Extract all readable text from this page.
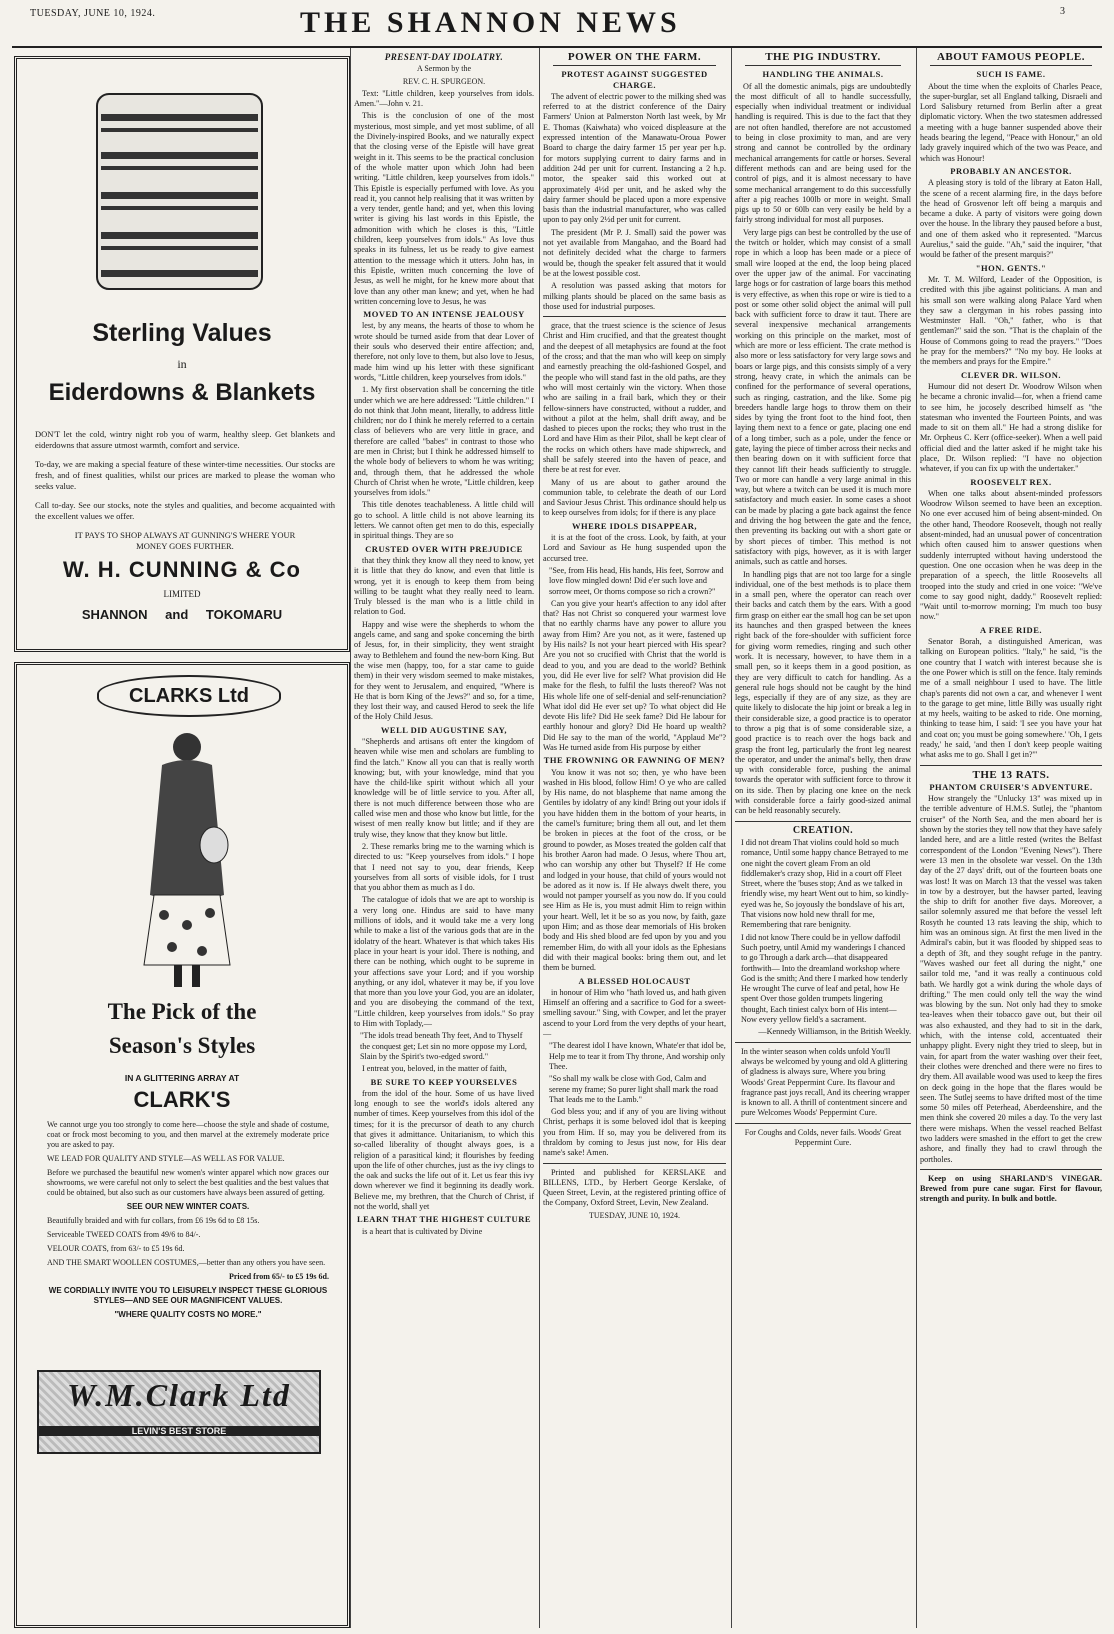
TUESDAY, JUNE 10, 1924.	THE SHANNON NEWS	3
Sterling Values
in
Eiderdowns & Blankets

DON'T let the cold, wintry night rob you of warm, healthy sleep. Get blankets and eiderdowns that assure utmost warmth, comfort and service.

To-day, we are making a special feature of these winter-time necessities. Our stocks are fresh, and of finest qualities, whilst our prices are marked to please the woman who seeks value.

Call to-day. See our stocks, note the styles and qualities, and become acquainted with the excellent values we offer.

IT PAYS TO SHOP ALWAYS AT GUNNING'S WHERE YOUR

MONEY GOES FURTHER.

W. H. CUNNING & Co
LIMITED
SHANNON and TOKOMARU
CLARKS Ltd
The Pick of the
Season's Styles
IN A GLITTERING ARRAY AT
CLARK'S

We cannot urge you too strongly to come here—choose the style and shade of costume, coat or frock most becoming to you, and then marvel at the extremely moderate price you are asked to pay.

WE LEAD FOR QUALITY AND STYLE—AS WELL AS FOR VALUE.

Before we purchased the beautiful new women's winter apparel which now graces our showrooms, we were careful not only to select the best qualities and the best values that could be obtained, but also such as our customers have always been assured of getting.

SEE OUR NEW WINTER COATS.

Beautifully braided and with fur collars, from £6 19s 6d to £8 15s.

Serviceable TWEED COATS from 49/6 to 84/-.

VELOUR COATS, from 63/- to £5 19s 6d.

AND THE SMART WOOLLEN COSTUMES,—better than any others you have seen.

Priced from 65/- to £5 19s 6d.

WE CORDIALLY INVITE YOU TO LEISURELY INSPECT THESE GLORIOUS STYLES—AND SEE OUR MAGNIFICENT VALUES.

"WHERE QUALITY COSTS NO MORE."

W.M.Clark Ltd
LEVIN'S BEST STORE
PRESENT-DAY IDOLATRY.

A Sermon by the

REV. C. H. SPURGEON.

Text: "Little children, keep yourselves from idols. Amen."—John v. 21.

This is the conclusion of one of the most mysterious, most simple, and yet most sublime, of all the Divinely-inspired Books, and we naturally expect that the closing verse of the Epistle will have great weight in it. This seems to be the practical conclusion of the whole matter upon which John had been writing. "Little children, keep yourselves from idols." This Epistle is especially perfumed with love. As you read it, you cannot help realising that it was written by a very tender, gentle hand; and yet, when this loving writer is giving his last words in this Epistle, the admonition with which he closes is this, "Little children, keep yourselves from idols." As love thus speaks in its fulness, let us be ready to give earnest attention to the message which it utters. John has, in this Epistle, written much concerning the love of Jesus, as well he might, for he knew more about that love than any other man knew; and yet, when he had written concerning love to Jesus, he was

MOVED TO AN INTENSE JEALOUSY

lest, by any means, the hearts of those to whom he wrote should be turned aside from that dear Lover of their souls who deserved their entire affection; and, therefore, not only love to them, but also love to Jesus, made him wind up his letter with these significant words, "Little children, keep yourselves from idols."

1. My first observation shall be concerning the title under which we are here addressed: "Little children." I do not think that John meant, literally, to address little children; nor do I think he merely referred to a certain class of believers who are very little in grace, and therefore are called "babes" in contrast to those who are men in Christ; but I think he addressed himself to the whole body of believers to whom he was writing; and, through them, that he addressed the whole Church of Christ when he wrote, "Little children, keep yourselves from idols."

This title denotes teachableness. A little child will go to school. A little child is not above learning its letters. We cannot often get men to do this, especially in spiritual things. They are so

CRUSTED OVER WITH PREJUDICE

that they think they know all they need to know, yet it is little that they do know, and even that little is wrong, yet it is enough to keep them from being willing to be taught what they really need to learn. Truly blessed is the man who is a little child in relation to God.

Happy and wise were the shepherds to whom the angels came, and sang and spoke concerning the birth of Jesus, for, in their simplicity, they went straight away to Bethlehem and found the new-born King. But the wise men (happy, too, for a star came to guide them) in their very wisdom seemed to make mistakes, for they went to Jerusalem, and enquired, "Where is He that is born King of the Jews?" and so, for a time, they lost their way, and caused Herod to seek the life of the Holy Child Jesus.

WELL DID AUGUSTINE SAY,

"Shepherds and artisans oft enter the kingdom of heaven while wise men and scholars are fumbling to find the latch." Know all you can that is really worth knowing; but, with your knowledge, mind that you have the child-like spirit without which all your knowledge will be of little service to you. After all, there is not much difference between those who are called wise men and those who know but little, for the wisest of men really know but little; and if they are truly wise, they know that they know but little.

2. These remarks bring me to the warning which is directed to us: "Keep yourselves from idols." I hope that I need not say to you, dear friends, Keep yourselves from all sorts of visible idols, for I trust that you abhor them as much as I do.

The catalogue of idols that we are apt to worship is a very long one. Hindus are said to have many millions of idols, and it would take me a very long while to make a list of the various gods that are in the idolatry of the heart. Whatever is that which takes His place in your heart is your idol. There is nothing, and there can be nothing, which ought to be supreme in your affections save your Lord; and if you worship anything, or any idol, whatever it may be, if you love that more than you love your God, you are an idolater, and you are disobeying the command of the text, "Little children, keep yourselves from idols." So pray to Him with Toplady,—

"The idols tread beneath Thy feet, And to Thyself the conquest get; Let sin no more oppose my Lord, Slain by the Spirit's two-edged sword."

I entreat you, beloved, in the matter of faith,

BE SURE TO KEEP YOURSELVES

from the idol of the hour. Some of us have lived long enough to see the world's idols altered any number of times. Keep yourselves from this idol of the times; for it is the precursor of death to any church that gives it admittance. Unitarianism, to which this so-called liberality of thought always goes, is a religion of a parasitical kind; it flourishes by feeding upon the life of other churches, just as the ivy clings to the oak and sucks the life out of it. Let us fear this ivy down wherever we find it beginning its deadly work. Believe me, my brethren, that the Church of Christ, if not the world, shall yet

LEARN THAT THE HIGHEST CULTURE

is a heart that is cultivated by Divine

POWER ON THE FARM.

PROTEST AGAINST SUGGESTED CHARGE.

The advent of electric power to the milking shed was referred to at the district conference of the Dairy Farmers' Union at Palmerston North last week, by Mr E. Thomas (Kaiwhata) who voiced displeasure at the expressed intention of the Manawatu-Oroua Power Board to charge the dairy farmer 15 per year per h.p. for motors supplying current to dairy farms and in addition 24d per unit for current. Instancing a 2 h.p. motor, the speaker said this worked out at approximately 4½d per unit, and he asked why the dairy farmer should be placed upon a more expensive basis than the industrial manufacturer, who was called upon to pay only 2½d per unit for current.

The president (Mr P. J. Small) said the power was not yet available from Mangahao, and the Board had not definitely decided what the charge to farmers would be, though the speaker felt assured that it would be at the lowest possible cost.

A resolution was passed asking that motors for milking plants should be placed on the same basis as those used for industrial purposes.

grace, that the truest science is the science of Jesus Christ and Him crucified, and that the greatest thought and the deepest of all metaphysics are found at the foot of the cross; and that the man who will keep on simply and earnestly preaching the old-fashioned Gospel, and the people who will stand fast in the old paths, are they who will most certainly win the victory. When those who are sailing in a frail bark, which they or their fellow-sinners have constructed, without a rudder, and without a pilot at the helm, shall drift away, and be dashed to pieces upon the rocks; they who trust in the Lord and have Him as their Pilot, shall be kept clear of the rocks on which others have made shipwreck, and shall be safely steered into the haven of peace, and there be at rest for ever.

Many of us are about to gather around the communion table, to celebrate the death of our Lord and Saviour Jesus Christ. This ordinance should help us to keep ourselves from idols; for if there is any place

WHERE IDOLS DISAPPEAR,

it is at the foot of the cross. Look, by faith, at your Lord and Saviour as He hung suspended upon the accursed tree.

"See, from His head, His hands, His feet, Sorrow and love flow mingled down! Did e'er such love and sorrow meet, Or thorns compose so rich a crown?"

Can you give your heart's affection to any idol after that? Has not Christ so conquered your warmest love that no earthly charms have any power to allure you away from Him? Are you not, as it were, fastened up by His nails? Is not your heart pierced with His spear? Are you not so crucified with Christ that the world is dead to you, and you are dead to the world? Bethink you, did He ever live for self? What provision did He make for the flesh, to fulfil the lusts thereof? Was not His whole life one of self-denial and self-renunciation? What idol did He ever set up? To what object did He devote His life? Did He seek fame? Did He labour for earthly honour and glory? Did He hoard up wealth? Did He say to the man of the world, "Applaud Me"? Was He turned aside from His purpose by either

THE FROWNING OR FAWNING OF MEN?

You know it was not so; then, ye who have been washed in His blood, follow Him! O ye who are called by His name, do not blaspheme that name among the Gentiles by idolatry of any kind! Bring out your idols if you have hidden them in the bottom of your hearts, in the camel's furniture; bring them all out, and let them be broken in pieces at the foot of the cross, or be ground to powder, as Moses treated the golden calf that his brother Aaron had made. O Jesus, where Thou art, who can worship any other but Thyself? If He come and lodged in your house, that child of yours would not be adored as it now is. If He always dwelt there, you would not pamper yourself as you now do. If you could see Him as He is, you must admit Him to reign within your heart. Well, let it be so as you now, by faith, gaze upon Him; and as those dear memorials of His broken body and His shed blood are fed upon by you and you remember Him, do with all your idols as the Ephesians did with their magical books: bring them out, and let them be burned.

A BLESSED HOLOCAUST

in honour of Him who "hath loved us, and hath given Himself an offering and a sacrifice to God for a sweet-smelling savour." Sing, with Cowper, and let the prayer ascend to your Lord from the very depths of your heart,—

"The dearest idol I have known, Whate'er that idol be, Help me to tear it from Thy throne, And worship only Thee.

"So shall my walk be close with God, Calm and serene my frame; So purer light shall mark the road That leads me to the Lamb."

God bless you; and if any of you are living without Christ, perhaps it is some beloved idol that is keeping you from Him. If so, may you be delivered from its thraldom by coming to Jesus just now, for His dear name's sake! Amen.

Printed and published for KERSLAKE and BILLENS, LTD., by Herbert George Kerslake, of Queen Street, Levin, at the registered printing office of the Company, Oxford Street, Levin, New Zealand.

TUESDAY, JUNE 10, 1924.

THE PIG INDUSTRY.

HANDLING THE ANIMALS.

Of all the domestic animals, pigs are undoubtedly the most difficult of all to handle successfully, especially when individual treatment or individual handling is required. This is due to the fact that they are not often handled, therefore are not accustomed to being in close proximity to man, and are very strong and cannot be controlled by the ordinary mechanical arrangements for cattle or horses. Several different methods can and are being used for the control of pigs, and it is almost necessary to have some mechanical arrangement to do this successfully after a pig reaches 100lb or more in weight. Small pigs up to 50 or 60lb can very easily be held by a fairly strong individual for most all purposes.

Very large pigs can best be controlled by the use of the twitch or holder, which may consist of a small rope in which a loop has been made or a piece of small wire looped at the end, the loop being placed over the upper jaw of the animal. For vaccinating large hogs or for castration of large boars this method is very effective, as when this rope or wire is tied to a post or some other solid object the animal will pull back with sufficient force to draw it taut. There are several inexpensive mechanical arrangements working on this principle on the market, most of which are more or less efficient. The crate method is also more or less satisfactory for very large sows and boars or large pigs, and this consists simply of a very strong, heavy crate, in which the animals can be confined for the performance of several operations, such as ringing, castration, and the like. Some pig breeders handle large hogs to throw them on their sides by tying the front foot to the hind foot, then laying them next to a fence or gate, placing one end of a long timber, such as a pole, under the fence or gate, laying the piece of timber across their necks and then bearing down on it with sufficient force that they cannot lift their heads sufficiently to struggle. Two or more can handle a very large animal in this way, but where a twitch can be used it is much more satisfactory and much easier. In some cases a shoot can be made by placing a gate back against the fence and driving the hog between the gate and the fence, then preventing its backing out with a short gate or by short pieces of timber. This method is not satisfactory with pigs, however, as it is with larger animals, such as cattle and horses.

In handling pigs that are not too large for a single individual, one of the best methods is to place them in a small pen, where the operator can reach over their backs and catch them by the ears. With a good firm grasp on either ear the small hog can be set upon its haunches and then grasped between the knees right back of the fore-shoulder with sufficient force for giving worm remedies, ringing and such other work. It is necessary, however, to have them in a small pen, so it keeps them in a good position, as they are very difficult to catch for handling. As a general rule hogs should not be caught by the hind legs, especially if they are of any size, as they are quite likely to dislocate the hip joint or break a leg in their considerable size, a good practice is to operator to throw a pig that is of some considerable size, a good practice is to reach over the hogs back and grasp the front leg, particularly the front leg nearest the operator, and under the animal's belly, then draw up with considerable force, pushing the animal towards the operator with sufficient force to throw it on its side. Then by placing one knee on the neck with considerable force a fairly good-sized animal can be held reasonably securely.

CREATION.

I did not dream That violins could hold so much romance, Until some happy chance Betrayed to me one night the covert gleam From an old fiddlemaker's crazy shop, Hid in a court off Fleet Street, where the 'buses stop; And as we talked in friendly wise, my heart Went out to him, so kindly-eyed was he, So joyously the bondslave of his art, That visions now hold new thrall for me, Remembering that rare benignity.

I did not know There could be in yellow daffodil Such poetry, until Amid my wanderings I chanced to go Through a dark arch—that disappeared forthwith— Into the dreamland workshop where God is the smith; And there I marked how tenderly He wrought The curve of leaf and petal, how He spent Over those golden trumpets lingering thought, Each tiniest calyx born of His intent— Now every yellow field's a sacrament.

—Kennedy Williamson, in the British Weekly.

In the winter season when colds unfold You'll always be welcomed by young and old A glittering of gladness is always sure, Where you bring Woods' Great Peppermint Cure. Its flavour and fragrance past joys recall, And its cheering wrapper is known to all. A thrill of contentment sincere and pure Welcomes Woods' Peppermint Cure.

For Coughs and Colds, never fails. Woods' Great Peppermint Cure.

ABOUT FAMOUS PEOPLE.

SUCH IS FAME.

About the time when the exploits of Charles Peace, the super-burglar, set all England talking, Disraeli and Lord Salisbury returned from Berlin after a great diplomatic victory. When the two statesmen addressed a meeting with a huge banner suspended above their heads bearing the legend, "Peace with Honour," an old lady gravely inquired which of the two was Peace, and which was Honour!

PROBABLY AN ANCESTOR.

A pleasing story is told of the library at Eaton Hall, the scene of a recent alarming fire, in the days before the head of Grosvenor left off being a marquis and became a duke. A party of visitors were going down over the house. In the library they paused before a bust, and one of them asked who it represented. "Marcus Aurelius," said the guide. "Ah," said the inquirer, "that would be father of the present marquis?"

"HON. GENTS."

Mr. T. M. Wilford, Leader of the Opposition, is credited with this jibe against politicians. A man and his small son were walking along Palace Yard when they saw a clergyman in his robes passing into Westminster Hall. "Oh," father, who is that gentleman?" said the son. "That is the chaplain of the House of Commons going to read the prayers." "Does he pray for the members?" "No my boy. He looks at the members and prays for the Empire."

CLEVER DR. WILSON.

Humour did not desert Dr. Woodrow Wilson when he became a chronic invalid—for, when a friend came to see him, he jocosely described himself as "the statesman who invented the Fourteen Points, and was made to sit on them all." He had a strong dislike for Mr. Orpheus C. Kerr (office-seeker). When a well paid official died and the latter asked if he might take his place, Dr. Wilson replied: "I have no objection whatever, if you can fix up with the undertaker."

ROOSEVELT REX.

When one talks about absent-minded professors Woodrow Wilson seemed to have been an exception. No one ever accused him of being absent-minded. On the other hand, Theodore Roosevelt, though not really absent-minded, had an unusual power of concentration which often caused him to answer questions when suddenly interrupted without having understood the question. One one occasion when he was deep in the preparation of a speech, the little Roosevelts all trooped into the study and cried in one voice: "We've come to say good night, daddy." Roosevelt replied: "Wait until to-morrow morning; I'm much too busy now."

A FREE RIDE.

Senator Borah, a distinguished American, was talking on European politics. "Italy," he said, "is the one country that I watch with interest because she is the one Power which is still on the fence. Italy reminds me of a small neighbour I used to have. The little chap's parents did not own a car, and whenever I went to the garage to get mine, little Billy was usually right at my heels, waiting to be asked to ride. One morning, thinking to tease him, I said: 'I see you have your hat and coat on; you must be going somewhere.' 'Oh, I gets ready,' he said, 'and then I don't keep people waiting what asks me to go. Shall I get in?'"

THE 13 RATS.

PHANTOM CRUISER'S ADVENTURE.

How strangely the "Unlucky 13" was mixed up in the terrible adventure of H.M.S. Sutlej, the "phantom cruiser" of the North Sea, and the men aboard her is shown by the stories they tell now that they have safely landed here, and are a little rested (writes the Belfast correspondent of the London "Evening News"). There were 13 men in the obsolete war vessel. On the 13th day of the 27 days' drift, out of the fourteen boats one was lost! It was on March 13 that the vessel was taken in tow by a destroyer, but the hawser parted, leaving the ship to drift for another five days. Moreover, a sailor solemnly assured me that before the vessel left Rosyth he counted 13 rats leaving the ship, which to him was an ominous sign. At first the men lived in the Admiral's cabin, but it was flooded by shipped seas to a depth of 3ft, and they sought refuge in the pantry. "Waves washed our feet all during the night," one sailor told me, "and it was really a continuous cold bath. We hardly got a wink during the whole days of drifting." The men could only tell the way the wind was blowing by the sun. Not only had they to smoke tea-leaves when their tobacco gave out, but their oil was also exhausted, and they had to sit in the dark, which, with the intense cold, accentuated their unhappy plight. Every night they tried to sleep, but in vain, for apart from the water washing over their feet, their clothes were drenched and there were no fires to dry them. All available wood was used to keep the fires on deck going in the hope that the flares would be seen. The Sutlej seems to have drifted most of the time some 50 miles off Peterhead, Aberdeenshire, and the men think she covered 20 miles a day. To the very last there were mishaps. When the vessel reached Belfast two ladders were smashed in the effort to get the crew ashore, and finally they had to crawl through the portholes.

Keep on using SHARLAND'S VINEGAR. Brewed from pure cane sugar. First for flavour, strength and purity. In bulk and bottle.
